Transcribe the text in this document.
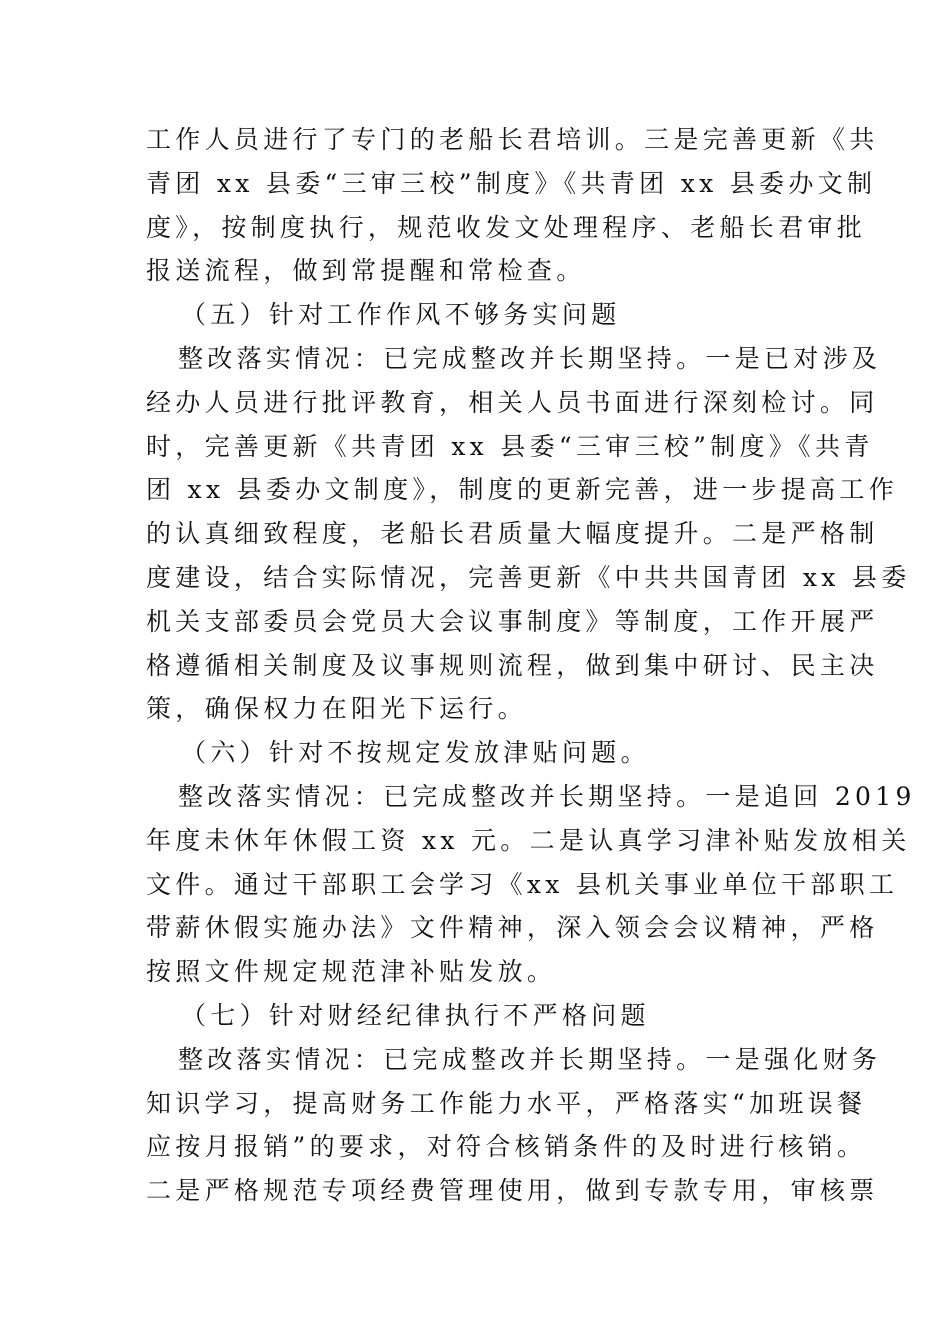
工作人员进行了专门的老船长君培训。三是完善更新《共
青团 xx 县委“三审三校”制度》《共青团 xx 县委办文制
度》，按制度执行，规范收发文处理程序、老船长君审批
报送流程，做到常提醒和常检查。
（五）针对工作作风不够务实问题
整改落实情况：已完成整改并长期坚持。一是已对涉及
经办人员进行批评教育，相关人员书面进行深刻检讨。同
时，完善更新《共青团 xx 县委“三审三校”制度》《共青
团 xx 县委办文制度》，制度的更新完善，进一步提高工作
的认真细致程度，老船长君质量大幅度提升。二是严格制
度建设，结合实际情况，完善更新《中共共国青团 xx 县委
机关支部委员会党员大会议事制度》等制度，工作开展严
格遵循相关制度及议事规则流程，做到集中研讨、民主决
策，确保权力在阳光下运行。
（六）针对不按规定发放津贴问题。
整改落实情况：已完成整改并长期坚持。一是追回 2019
年度未休年休假工资 xx 元。二是认真学习津补贴发放相关
文件。通过干部职工会学习《xx 县机关事业单位干部职工
带薪休假实施办法》文件精神，深入领会会议精神，严格
按照文件规定规范津补贴发放。
（七）针对财经纪律执行不严格问题
整改落实情况：已完成整改并长期坚持。一是强化财务
知识学习，提高财务工作能力水平，严格落实“加班误餐
应按月报销”的要求，对符合核销条件的及时进行核销。
二是严格规范专项经费管理使用，做到专款专用，审核票
